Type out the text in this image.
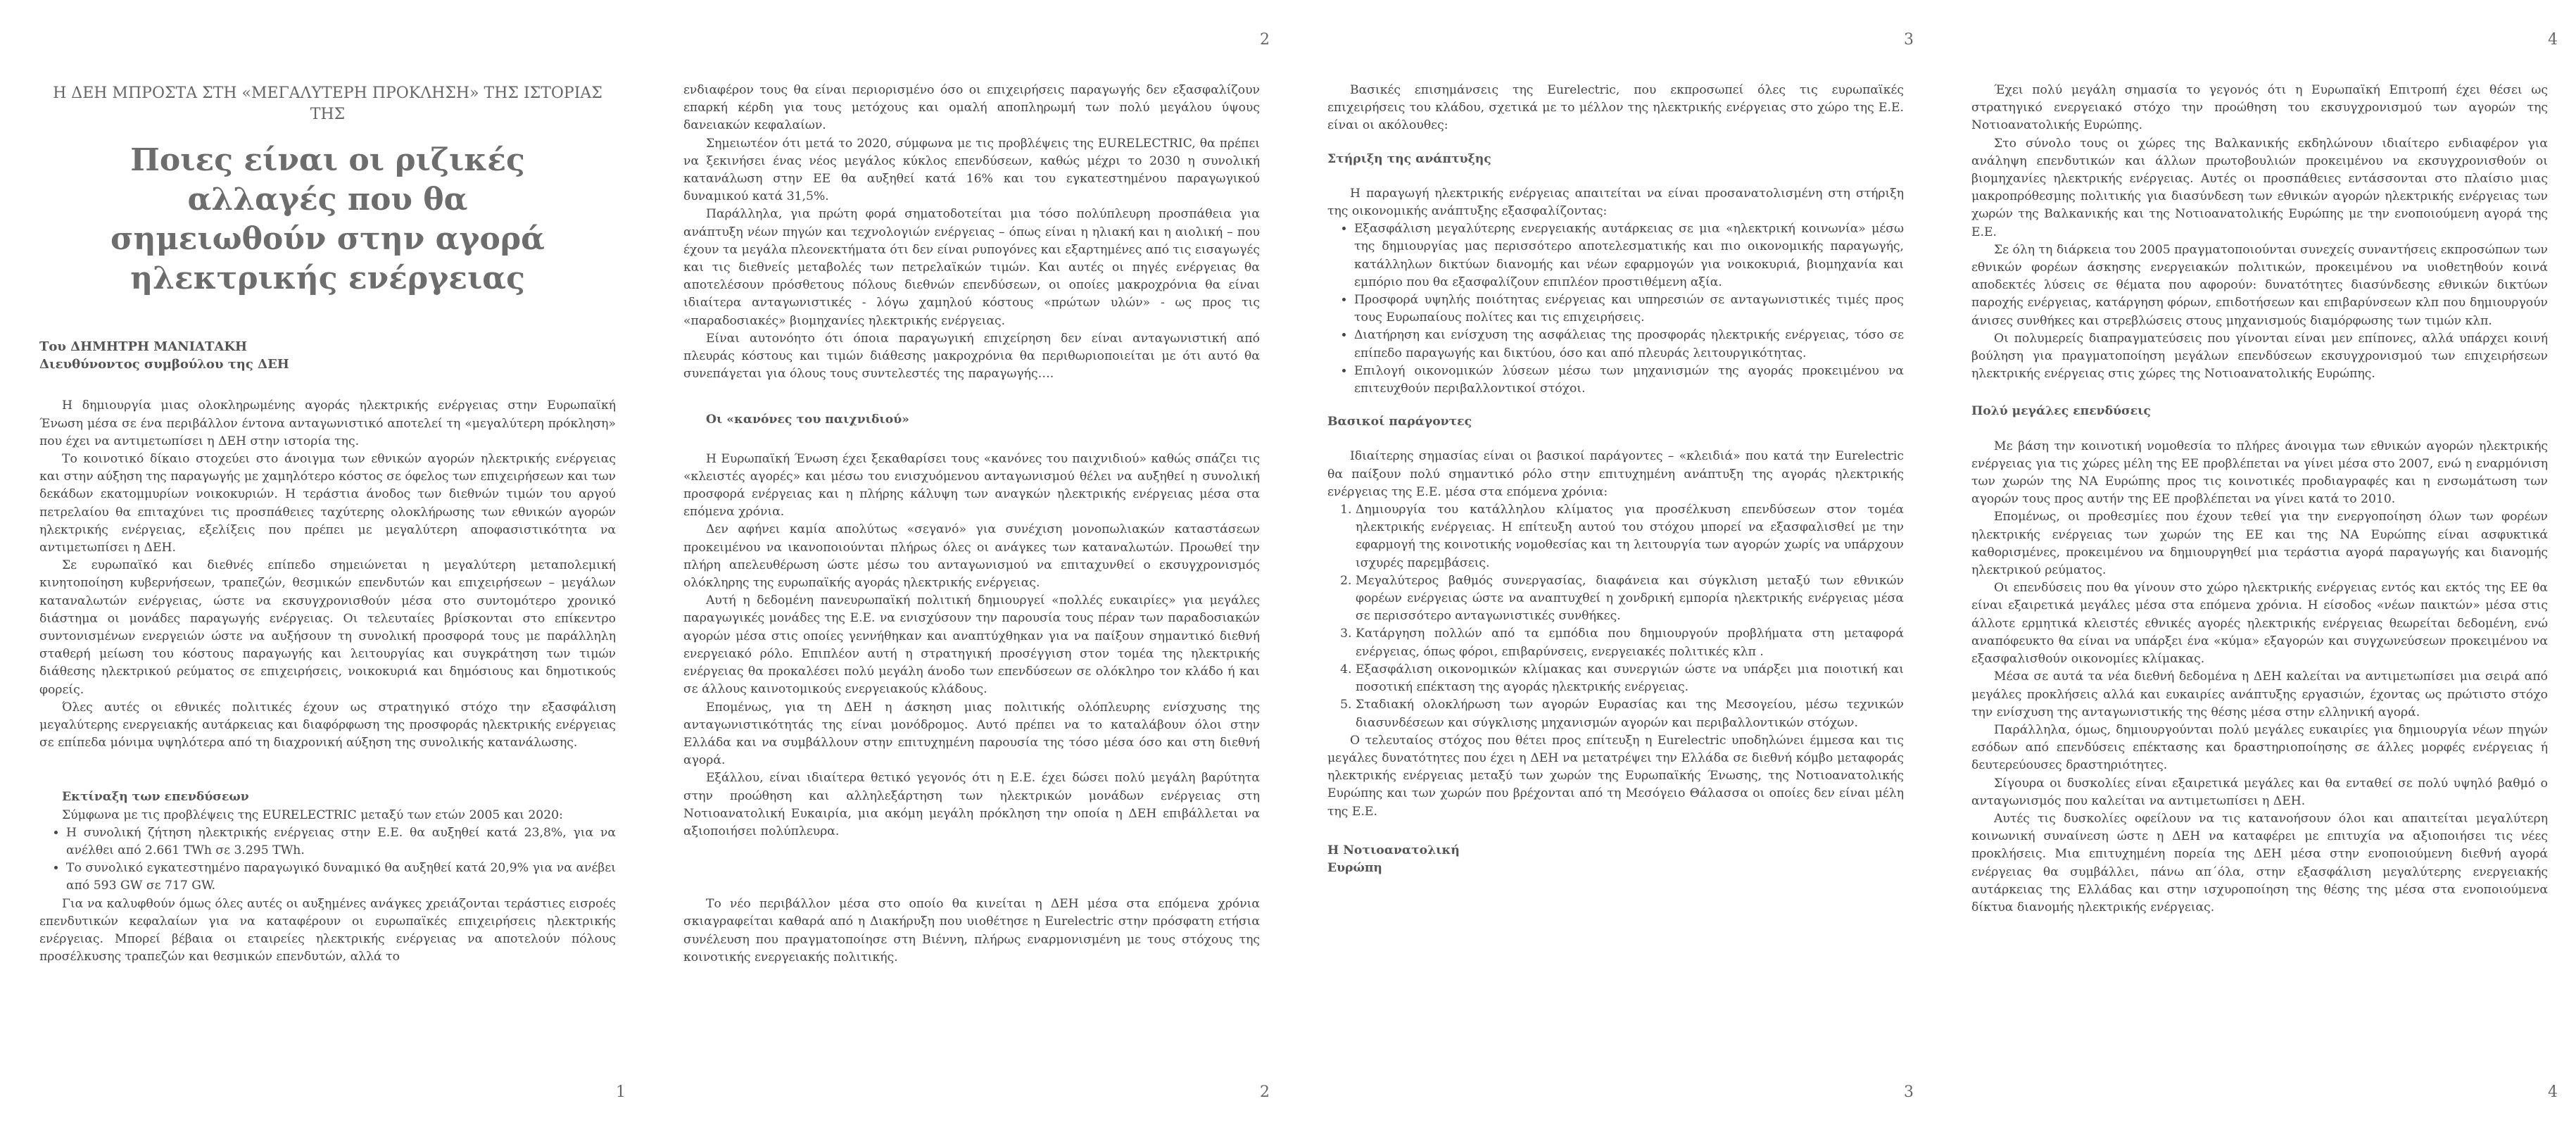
Η ΔΕΗ ΜΠΡΟΣΤΑ ΣΤΗ «ΜΕΓΑΛΥΤΕΡΗ ΠΡΟΚΛΗΣΗ» ΤΗΣ ΙΣΤΟΡΙΑΣ ΤΗΣ
Ποιες είναι οι ριζικές αλλαγές που θα σημειωθούν στην αγορά ηλεκτρικής ενέργειας
Του ΔΗΜΗΤΡΗ ΜΑΝΙΑΤΑΚΗ
Διευθύνοντος συμβούλου της ΔΕΗ

Η δημιουργία μιας ολοκληρωμένης αγοράς ηλεκτρικής ενέργειας στην Ευρωπαϊκή Ένωση μέσα σε ένα περιβάλλον έντονα ανταγωνιστικό αποτελεί τη «μεγαλύτερη πρόκληση» που έχει να αντιμετωπίσει η ΔΕΗ στην ιστορία της.

Το κοινοτικό δίκαιο στοχεύει στο άνοιγμα των εθνικών αγορών ηλεκτρικής ενέργειας και στην αύξηση της παραγωγής με χαμηλότερο κόστος σε όφελος των επιχειρήσεων και των δεκάδων εκατομμυρίων νοικοκυριών. Η τεράστια άνοδος των διεθνών τιμών του αργού πετρελαίου θα επιταχύνει τις προσπάθειες ταχύτερης ολοκλήρωσης των εθνικών αγορών ηλεκτρικής ενέργειας, εξελίξεις που πρέπει με μεγαλύτερη αποφασιστικότητα να αντιμετωπίσει η ΔΕΗ.

Σε ευρωπαϊκό και διεθνές επίπεδο σημειώνεται η μεγαλύτερη μεταπολεμική κινητοποίηση κυβερνήσεων, τραπεζών, θεσμικών επενδυτών και επιχειρήσεων – μεγάλων καταναλωτών ενέργειας, ώστε να εκσυγχρονισθούν μέσα στο συντομότερο χρονικό διάστημα οι μονάδες παραγωγής ενέργειας. Οι τελευταίες βρίσκονται στο επίκεντρο συντονισμένων ενεργειών ώστε να αυξήσουν τη συνολική προσφορά τους με παράλληλη σταθερή μείωση του κόστους παραγωγής και λειτουργίας και συγκράτηση των τιμών διάθεσης ηλεκτρικού ρεύματος σε επιχειρήσεις, νοικοκυριά και δημόσιους και δημοτικούς φορείς.

Όλες αυτές οι εθνικές πολιτικές έχουν ως στρατηγικό στόχο την εξασφάλιση μεγαλύτερης ενεργειακής αυτάρκειας και διαφόρφωση της προσφοράς ηλεκτρικής ενέργειας σε επίπεδα μόνιμα υψηλότερα από τη διαχρονική αύξηση της συνολικής κατανάλωσης.

Εκτίναξη των επενδύσεων

Σύμφωνα με τις προβλέψεις της EURELECTRIC μεταξύ των ετών 2005 και 2020:

• Η συνολική ζήτηση ηλεκτρικής ενέργειας στην Ε.Ε. θα αυξηθεί κατά 23,8%, για να ανέλθει από 2.661 TWh σε 3.295 TWh.
• Το συνολικό εγκατεστημένο παραγωγικό δυναμικό θα αυξηθεί κατά 20,9% για να ανέβει από 593 GW σε 717 GW.

Για να καλυφθούν όμως όλες αυτές οι αυξημένες ανάγκες χρειάζονται τεράστιες εισροές επενδυτικών κεφαλαίων για να καταφέρουν οι ευρωπαϊκές επιχειρήσεις ηλεκτρικής ενέργειας. Μπορεί βέβαια οι εταιρείες ηλεκτρικής ενέργειας να αποτελούν πόλους προσέλκυσης τραπεζών και θεσμικών επενδυτών, αλλά το

1
2

ενδιαφέρον τους θα είναι περιορισμένο όσο οι επιχειρήσεις παραγωγής δεν εξασφαλίζουν επαρκή κέρδη για τους μετόχους και ομαλή αποπληρωμή των πολύ μεγάλου ύψους δανειακών κεφαλαίων.

Σημειωτέον ότι μετά το 2020, σύμφωνα με τις προβλέψεις της EURELECTRIC, θα πρέπει να ξεκινήσει ένας νέος μεγάλος κύκλος επενδύσεων, καθώς μέχρι το 2030 η συνολική κατανάλωση στην ΕΕ θα αυξηθεί κατά 16% και του εγκατεστημένου παραγωγικού δυναμικού κατά 31,5%.

Παράλληλα, για πρώτη φορά σηματοδοτείται μια τόσο πολύπλευρη προσπάθεια για ανάπτυξη νέων πηγών και τεχνολογιών ενέργειας – όπως είναι η ηλιακή και η αιολική – που έχουν τα μεγάλα πλεονεκτήματα ότι δεν είναι ρυπογόνες και εξαρτημένες από τις εισαγωγές και τις διεθνείς μεταβολές των πετρελαϊκών τιμών. Και αυτές οι πηγές ενέργειας θα αποτελέσουν πρόσθετους πόλους διεθνών επενδύσεων, οι οποίες μακροχρόνια θα είναι ιδιαίτερα ανταγωνιστικές - λόγω χαμηλού κόστους «πρώτων υλών» - ως προς τις «παραδοσιακές» βιομηχανίες ηλεκτρικής ενέργειας.

Είναι αυτονόητο ότι όποια παραγωγική επιχείρηση δεν είναι ανταγωνιστική από πλευράς κόστους και τιμών διάθεσης μακροχρόνια θα περιθωριοποιείται με ότι αυτό θα συνεπάγεται για όλους τους συντελεστές της παραγωγής….

Οι «κανόνες του παιχνιδιού»

Η Ευρωπαϊκή Ένωση έχει ξεκαθαρίσει τους «κανόνες του παιχνιδιού» καθώς σπάζει τις «κλειστές αγορές» και μέσω του ενισχυόμενου ανταγωνισμού θέλει να αυξηθεί η συνολική προσφορά ενέργειας και η πλήρης κάλυψη των αναγκών ηλεκτρικής ενέργειας μέσα στα επόμενα χρόνια.

Δεν αφήνει καμία απολύτως «σεγανό» για συνέχιση μονοπωλιακών καταστάσεων προκειμένου να ικανοποιούνται πλήρως όλες οι ανάγκες των καταναλωτών. Προωθεί την πλήρη απελευθέρωση ώστε μέσω του ανταγωνισμού να επιταχυνθεί ο εκσυγχρονισμός ολόκληρης της ευρωπαϊκής αγοράς ηλεκτρικής ενέργειας.

Αυτή η δεδομένη πανευρωπαϊκή πολιτική δημιουργεί «πολλές ευκαιρίες» για μεγάλες παραγωγικές μονάδες της Ε.Ε. να ενισχύσουν την παρουσία τους πέραν των παραδοσιακών αγορών μέσα στις οποίες γεννήθηκαν και αναπτύχθηκαν για να παίξουν σημαντικό διεθνή ενεργειακό ρόλο. Επιπλέον αυτή η στρατηγική προσέγγιση στον τομέα της ηλεκτρικής ενέργειας θα προκαλέσει πολύ μεγάλη άνοδο των επενδύσεων σε ολόκληρο τον κλάδο ή και σε άλλους καινοτομικούς ενεργειακούς κλάδους.

Επομένως, για τη ΔΕΗ η άσκηση μιας πολιτικής ολόπλευρης ενίσχυσης της ανταγωνιστικότητάς της είναι μονόδρομος. Αυτό πρέπει να το καταλάβουν όλοι στην Ελλάδα και να συμβάλλουν στην επιτυχημένη παρουσία της τόσο μέσα όσο και στη διεθνή αγορά.

Εξάλλου, είναι ιδιαίτερα θετικό γεγονός ότι η Ε.Ε. έχει δώσει πολύ μεγάλη βαρύτητα στην προώθηση και αλληλεξάρτηση των ηλεκτρικών μονάδων ενέργειας στη Νοτιοανατολική Ευκαιρία, μια ακόμη μεγάλη πρόκληση την οποία η ΔΕΗ επιβάλλεται να αξιοποιήσει πολύπλευρα.

Το νέο περιβάλλον μέσα στο οποίο θα κινείται η ΔΕΗ μέσα στα επόμενα χρόνια σκιαγραφείται καθαρά από η Διακήρυξη που υιοθέτησε η Eurelectric στην πρόσφατη ετήσια συνέλευση που πραγματοποίησε στη Βιέννη, πλήρως εναρμονισμένη με τους στόχους της κοινοτικής ενεργειακής πολιτικής.

2
3

Βασικές επισημάνσεις της Eurelectric, που εκπροσωπεί όλες τις ευρωπαϊκές επιχειρήσεις του κλάδου, σχετικά με το μέλλον της ηλεκτρικής ενέργειας στο χώρο της Ε.Ε. είναι οι ακόλουθες:

Στήριξη της ανάπτυξης

Η παραγωγή ηλεκτρικής ενέργειας απαιτείται να είναι προσανατολισμένη στη στήριξη της οικονομικής ανάπτυξης εξασφαλίζοντας:

• Εξασφάλιση μεγαλύτερης ενεργειακής αυτάρκειας σε μια «ηλεκτρική κοινωνία» μέσω της δημιουργίας μας περισσότερο αποτελεσματικής και πιο οικονομικής παραγωγής, κατάλληλων δικτύων διανομής και νέων εφαρμογών για νοικοκυριά, βιομηχανία και εμπόριο που θα εξασφαλίζουν επιπλέον προστιθέμενη αξία.
• Προσφορά υψηλής ποιότητας ενέργειας και υπηρεσιών σε ανταγωνιστικές τιμές προς τους Ευρωπαίους πολίτες και τις επιχειρήσεις.
• Διατήρηση και ενίσχυση της ασφάλειας της προσφοράς ηλεκτρικής ενέργειας, τόσο σε επίπεδο παραγωγής και δικτύου, όσο και από πλευράς λειτουργικότητας.
• Επιλογή οικονομικών λύσεων μέσω των μηχανισμών της αγοράς προκειμένου να επιτευχθούν περιβαλλοντικοί στόχοι.
Βασικοί παράγοντες

Ιδιαίτερης σημασίας είναι οι βασικοί παράγοντες – «κλειδιά» που κατά την Eurelectric θα παίξουν πολύ σημαντικό ρόλο στην επιτυχημένη ανάπτυξη της αγοράς ηλεκτρικής ενέργειας της Ε.Ε. μέσα στα επόμενα χρόνια:

1. Δημιουργία του κατάλληλου κλίματος για προσέλκυση επενδύσεων στον τομέα ηλεκτρικής ενέργειας. Η επίτευξη αυτού του στόχου μπορεί να εξασφαλισθεί με την εφαρμογή της κοινοτικής νομοθεσίας και τη λειτουργία των αγορών χωρίς να υπάρχουν ισχυρές παρεμβάσεις.
2. Μεγαλύτερος βαθμός συνεργασίας, διαφάνεια και σύγκλιση μεταξύ των εθνικών φορέων ενέργειας ώστε να αναπτυχθεί η χονδρική εμπορία ηλεκτρικής ενέργειας μέσα σε περισσότερο ανταγωνιστικές συνθήκες.
3. Κατάργηση πολλών από τα εμπόδια που δημιουργούν προβλήματα στη μεταφορά ενέργειας, όπως φόροι, επιβαρύνσεις, ενεργειακές πολιτικές κλπ .
4. Εξασφάλιση οικονομικών κλίμακας και συνεργιών ώστε να υπάρξει μια ποιοτική και ποσοτική επέκταση της αγοράς ηλεκτρικής ενέργειας.
5. Σταδιακή ολοκλήρωση των αγορών Ευρασίας και της Μεσογείου, μέσω τεχνικών διασυνδέσεων και σύγκλισης μηχανισμών αγορών και περιβαλλοντικών στόχων.

Ο τελευταίος στόχος που θέτει προς επίτευξη η Eurelectric υποδηλώνει έμμεσα και τις μεγάλες δυνατότητες που έχει η ΔΕΗ να μετατρέψει την Ελλάδα σε διεθνή κόμβο μεταφοράς ηλεκτρικής ενέργειας μεταξύ των χωρών της Ευρωπαϊκής Ένωσης, της Νοτιοανατολικής Ευρώπης και των χωρών που βρέχονται από τη Μεσόγειο Θάλασσα οι οποίες δεν είναι μέλη της Ε.Ε.

Η Νοτιοανατολική
Ευρώπη
3
4

Έχει πολύ μεγάλη σημασία το γεγονός ότι η Ευρωπαϊκή Επιτροπή έχει θέσει ως στρατηγικό ενεργειακό στόχο την προώθηση του εκσυγχρονισμού των αγορών της Νοτιοανατολικής Ευρώπης.

Στο σύνολο τους οι χώρες της Βαλκανικής εκδηλώνουν ιδιαίτερο ενδιαφέρον για ανάληψη επενδυτικών και άλλων πρωτοβουλιών προκειμένου να εκσυγχρονισθούν οι βιομηχανίες ηλεκτρικής ενέργειας. Αυτές οι προσπάθειες εντάσσονται στο πλαίσιο μιας μακροπρόθεσμης πολιτικής για διασύνδεση των εθνικών αγορών ηλεκτρικής ενέργειας των χωρών της Βαλκανικής και της Νοτιοανατολικής Ευρώπης με την ενοποιούμενη αγορά της Ε.Ε.

Σε όλη τη διάρκεια του 2005 πραγματοποιούνται συνεχείς συναντήσεις εκπροσώπων των εθνικών φορέων άσκησης ενεργειακών πολιτικών, προκειμένου να υιοθετηθούν κοινά αποδεκτές λύσεις σε θέματα που αφορούν: δυνατότητες διασύνδεσης εθνικών δικτύων παροχής ενέργειας, κατάργηση φόρων, επιδοτήσεων και επιβαρύνσεων κλπ που δημιουργούν άνισες συνθήκες και στρεβλώσεις στους μηχανισμούς διαμόρφωσης των τιμών κλπ.

Οι πολυμερείς διαπραγματεύσεις που γίνονται είναι μεν επίπονες, αλλά υπάρχει κοινή βούληση για πραγματοποίηση μεγάλων επενδύσεων εκσυγχρονισμού των επιχειρήσεων ηλεκτρικής ενέργειας στις χώρες της Νοτιοανατολικής Ευρώπης.

Πολύ μεγάλες επενδύσεις

Με βάση την κοινοτική νομοθεσία το πλήρες άνοιγμα των εθνικών αγορών ηλεκτρικής ενέργειας για τις χώρες μέλη της ΕΕ προβλέπεται να γίνει μέσα στο 2007, ενώ η εναρμόνιση των χωρών της ΝΑ Ευρώπης προς τις κοινοτικές προδιαγραφές και η ενσωμάτωση των αγορών τους προς αυτήν της ΕΕ προβλέπεται να γίνει κατά το 2010.

Επομένως, οι προθεσμίες που έχουν τεθεί για την ενεργοποίηση όλων των φορέων ηλεκτρικής ενέργειας των χωρών της ΕΕ και της ΝΑ Ευρώπης είναι ασφυκτικά καθορισμένες, προκειμένου να δημιουργηθεί μια τεράστια αγορά παραγωγής και διανομής ηλεκτρικού ρεύματος.

Οι επενδύσεις που θα γίνουν στο χώρο ηλεκτρικής ενέργειας εντός και εκτός της ΕΕ θα είναι εξαιρετικά μεγάλες μέσα στα επόμενα χρόνια. Η είσοδος «νέων παικτών» μέσα στις άλλοτε ερμητικά κλειστές εθνικές αγορές ηλεκτρικής ενέργειας θεωρείται δεδομένη, ενώ αναπόφευκτο θα είναι να υπάρξει ένα «κύμα» εξαγορών και συγχωνεύσεων προκειμένου να εξασφαλισθούν οικονομίες κλίμακας.

Μέσα σε αυτά τα νέα διεθνή δεδομένα η ΔΕΗ καλείται να αντιμετωπίσει μια σειρά από μεγάλες προκλήσεις αλλά και ευκαιρίες ανάπτυξης εργασιών, έχοντας ως πρώτιστο στόχο την ενίσχυση της ανταγωνιστικής της θέσης μέσα στην ελληνική αγορά.

Παράλληλα, όμως, δημιουργούνται πολύ μεγάλες ευκαιρίες για δημιουργία νέων πηγών εσόδων από επενδύσεις επέκτασης και δραστηριοποίησης σε άλλες μορφές ενέργειας ή δευτερεύουσες δραστηριότητες.

Σίγουρα οι δυσκολίες είναι εξαιρετικά μεγάλες και θα ενταθεί σε πολύ υψηλό βαθμό ο ανταγωνισμός που καλείται να αντιμετωπίσει η ΔΕΗ.

Αυτές τις δυσκολίες οφείλουν να τις κατανοήσουν όλοι και απαιτείται μεγαλύτερη κοινωνική συναίνεση ώστε η ΔΕΗ να καταφέρει με επιτυχία να αξιοποιήσει τις νέες προκλήσεις. Μια επιτυχημένη πορεία της ΔΕΗ μέσα στην ενοποιούμενη διεθνή αγορά ενέργειας θα συμβάλλει, πάνω απ΄όλα, στην εξασφάλιση μεγαλύτερης ενεργειακής αυτάρκειας της Ελλάδας και στην ισχυροποίηση της θέσης της μέσα στα ενοποιούμενα δίκτυα διανομής ηλεκτρικής ενέργειας.

4
